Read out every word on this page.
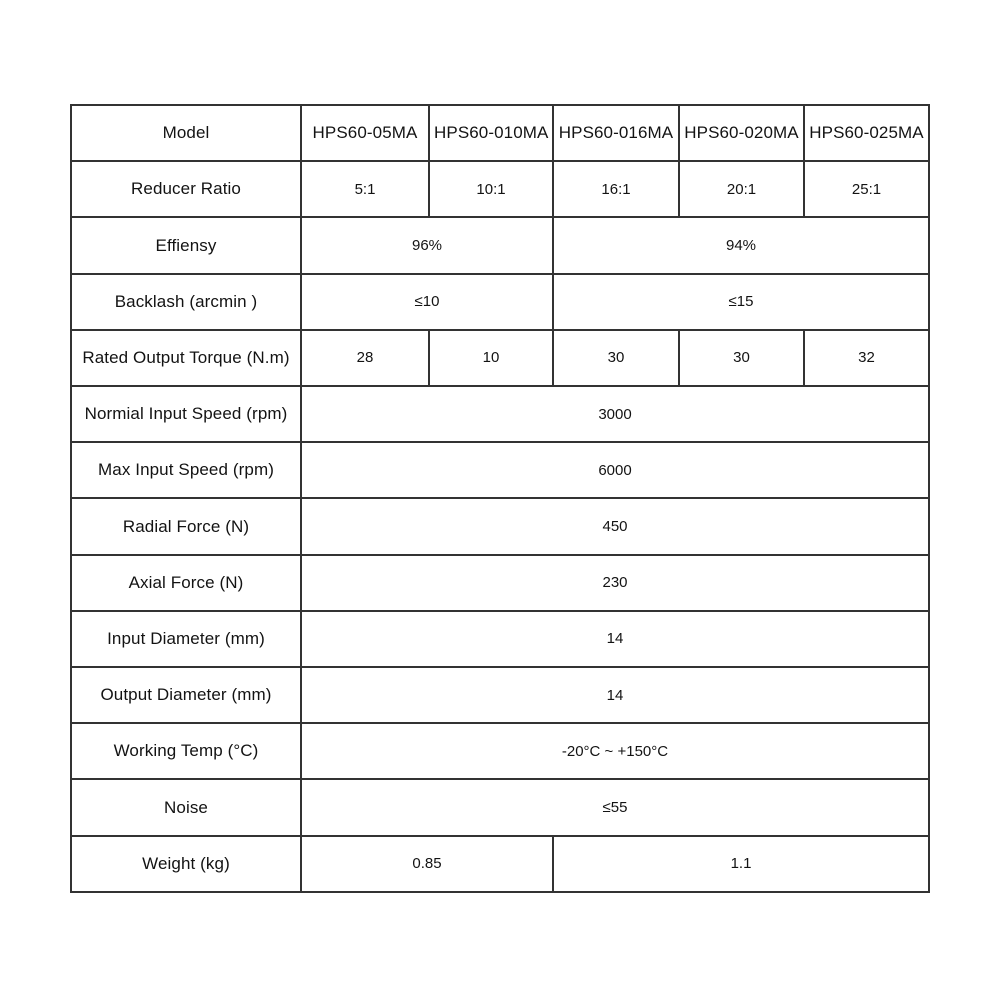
Model	HPS60-05MA	HPS60-010MA	HPS60-016MA	HPS60-020MA	HPS60-025MA
Reducer Ratio	5:1	10:1	16:1	20:1	25:1
Effiensy	96%		94%		
Backlash (arcmin )	≤10		≤15		
Rated Output Torque (N.m)	28	10	30	30	32
Normial Input Speed (rpm)	3000				
Max Input Speed (rpm)	6000				
Radial Force (N)	450				
Axial Force (N)	230				
Input Diameter (mm)	14				
Output Diameter (mm)	14				
Working Temp (°C)	-20°C ~ +150°C				
Noise	≤55				
Weight (kg)	0.85		1.1		
